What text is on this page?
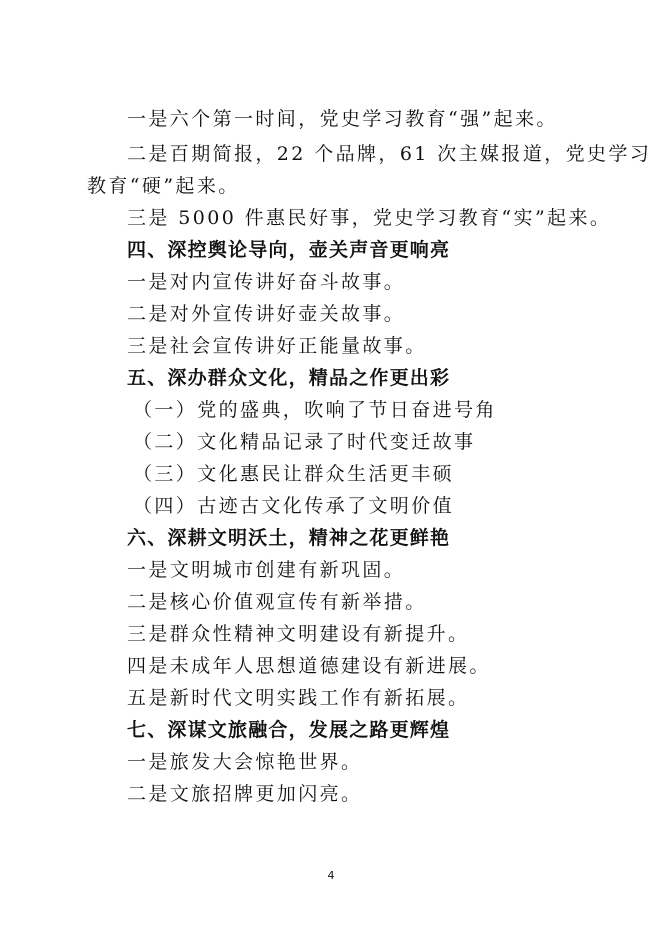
一是六个第一时间，党史学习教育“强”起来。
二是百期简报，22 个品牌，61 次主媒报道，党史学习
教育“硬”起来。
三是 5000 件惠民好事，党史学习教育“实”起来。
四、深控舆论导向，壶关声音更响亮
一是对内宣传讲好奋斗故事。
二是对外宣传讲好壶关故事。
三是社会宣传讲好正能量故事。
五、深办群众文化，精品之作更出彩
（一）党的盛典，吹响了节日奋进号角
（二）文化精品记录了时代变迁故事
（三）文化惠民让群众生活更丰硕
（四）古迹古文化传承了文明价值
六、深耕文明沃土，精神之花更鲜艳
一是文明城市创建有新巩固。
二是核心价值观宣传有新举措。
三是群众性精神文明建设有新提升。
四是未成年人思想道德建设有新进展。
五是新时代文明实践工作有新拓展。
七、深谋文旅融合，发展之路更辉煌
一是旅发大会惊艳世界。
二是文旅招牌更加闪亮。
4
